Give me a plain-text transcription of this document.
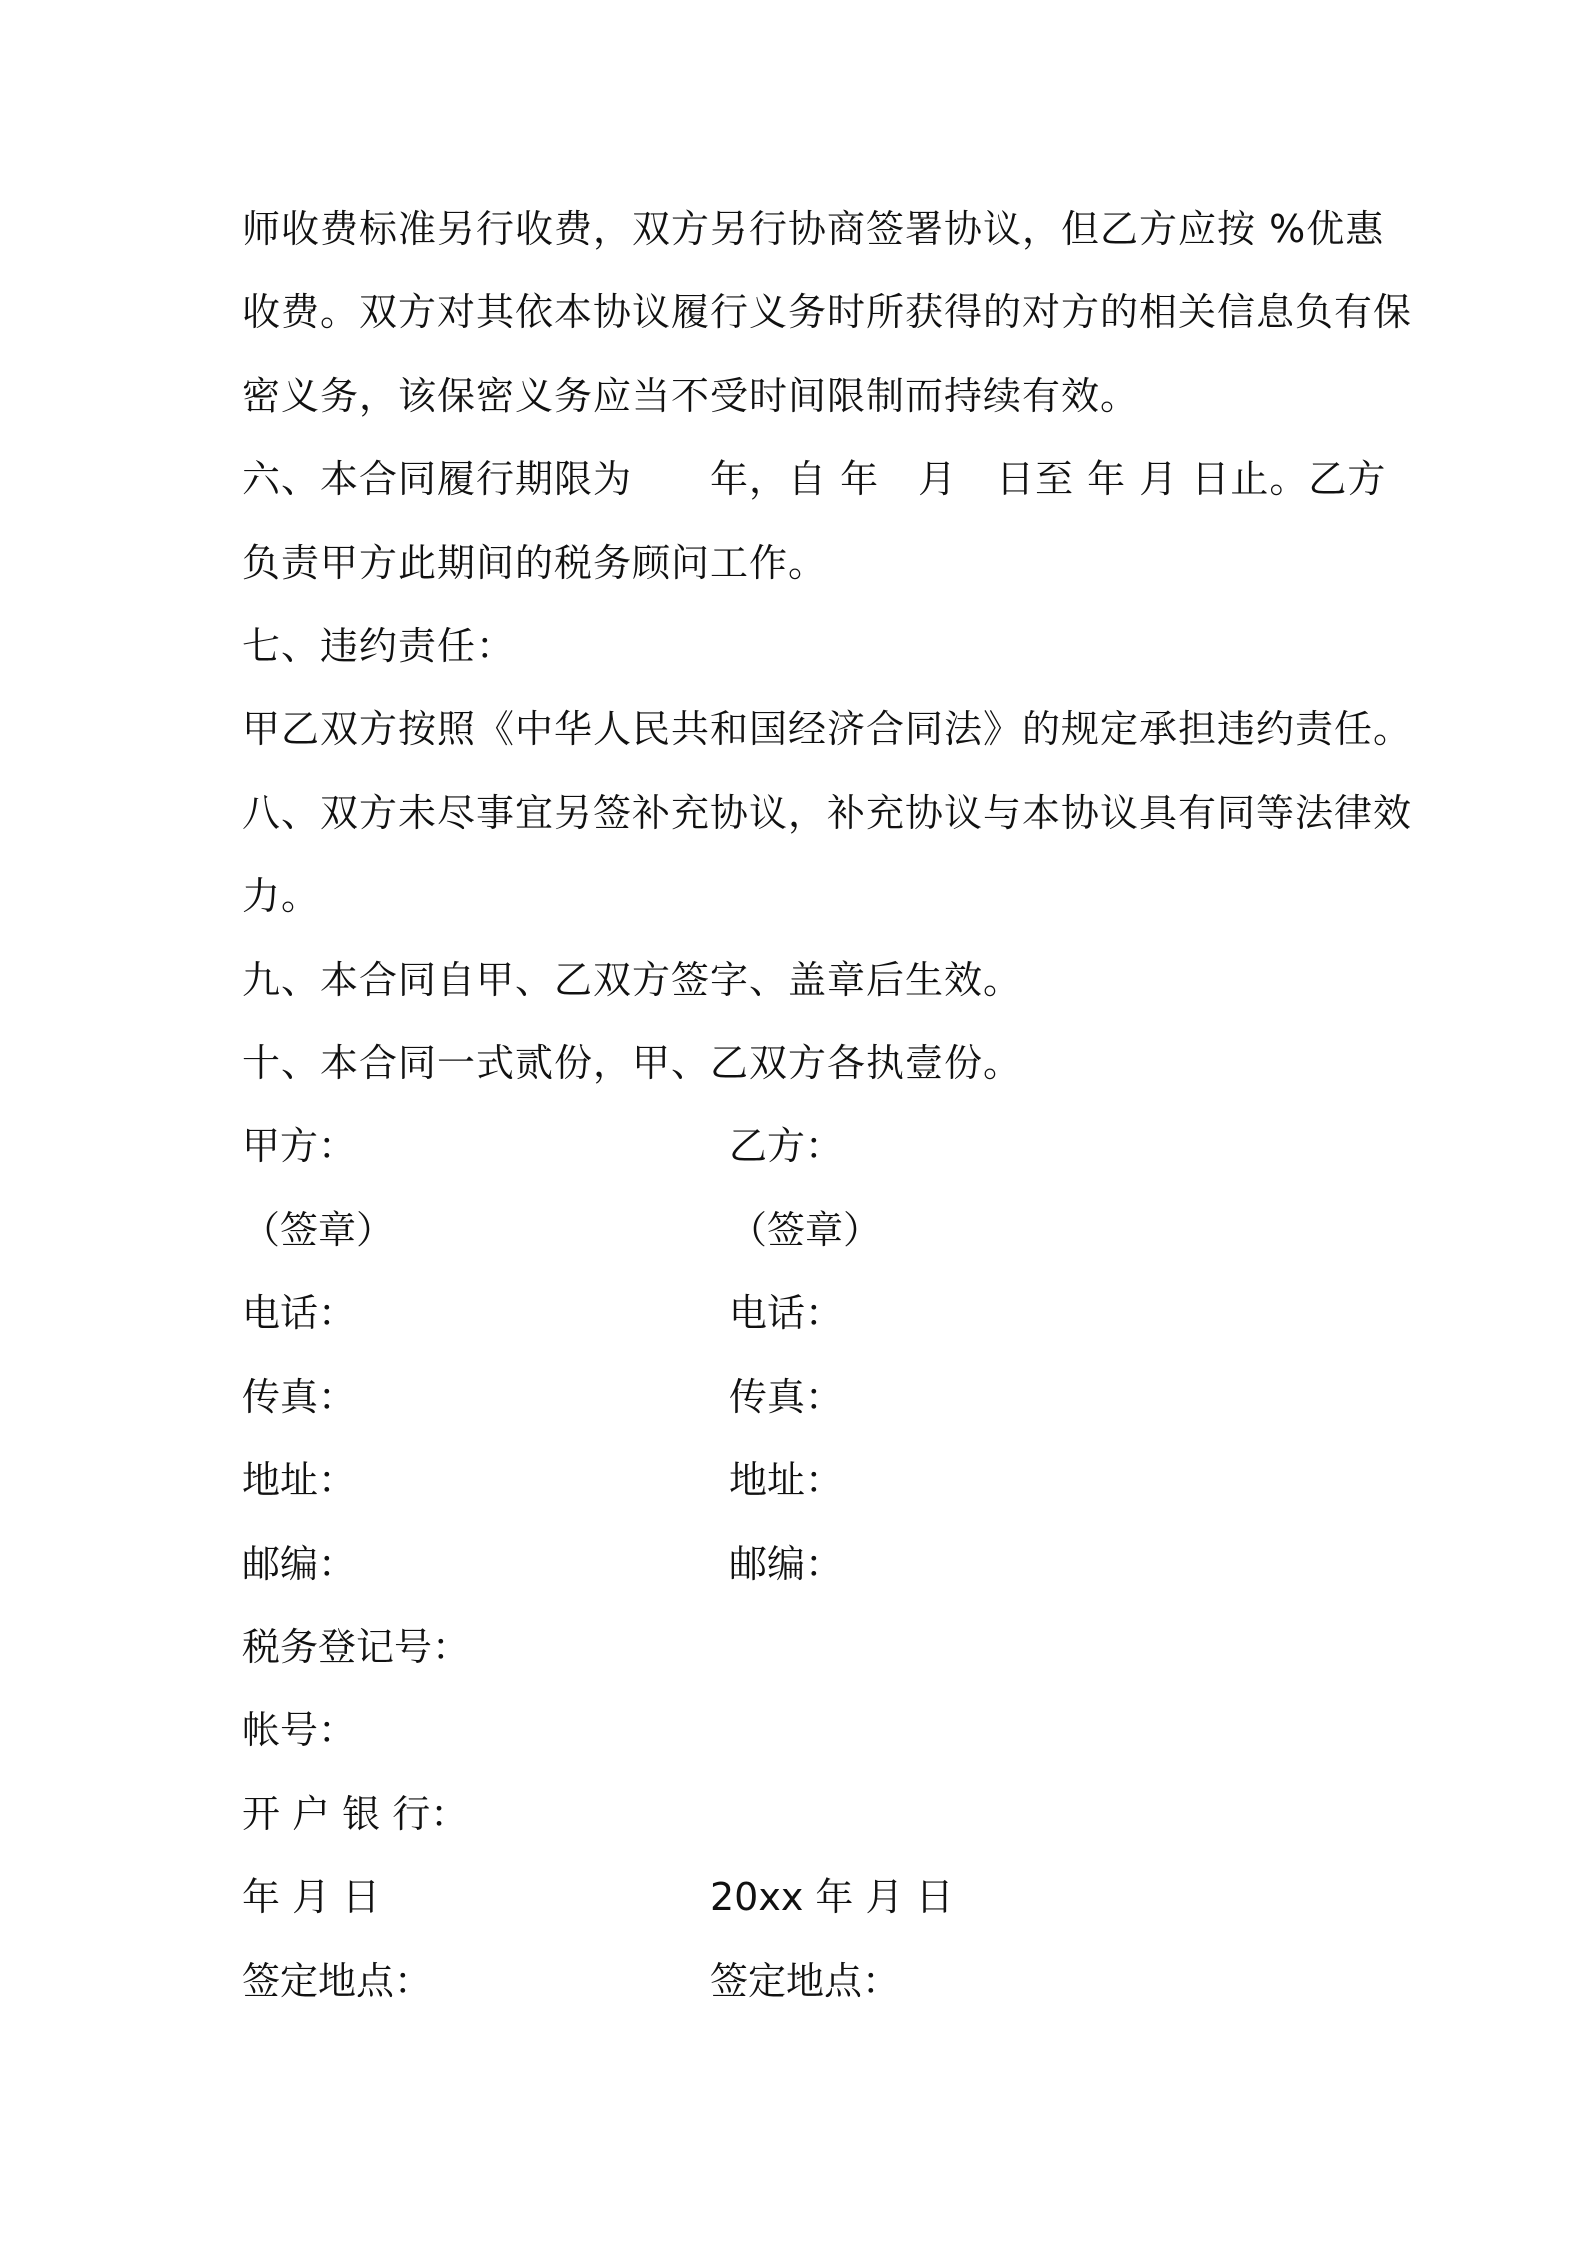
师收费标准另行收费，双方另行协商签署协议，但乙方应按 %优惠
收费。双方对其依本协议履行义务时所获得的对方的相关信息负有保
密义务，该保密义务应当不受时间限制而持续有效。
六、本合同履行期限为　　年，自 年　月　日至 年 月 日止。乙方
负责甲方此期间的税务顾问工作。
七、违约责任：
甲乙双方按照《中华人民共和国经济合同法》的规定承担违约责任。
八、双方未尽事宜另签补充协议，补充协议与本协议具有同等法律效
力。
九、本合同自甲、乙双方签字、盖章后生效。
十、本合同一式贰份，甲、乙双方各执壹份。
甲方：	乙方：
（签章）	（签章）
电话：	电话：
传真：	传真：
地址：	地址：
邮编：	邮编：
税务登记号：
帐号：
开 户 银 行：
年 月 日	20xx 年 月 日
签定地点：	签定地点：
